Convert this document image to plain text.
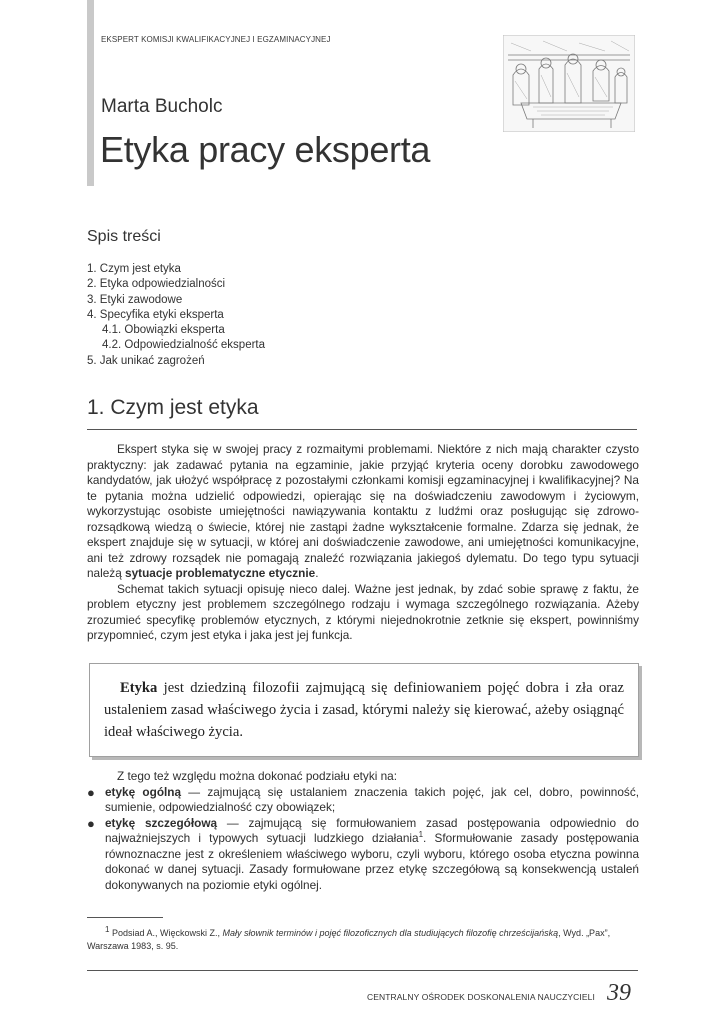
EKSPERT KOMISJI KWALIFIKACYJNEJ I EGZAMINACYJNEJ
Marta Bucholc
Etyka pracy eksperta
Spis treści
1. Czym jest etyka
2. Etyka odpowiedzialności
3. Etyki zawodowe
4. Specyfika etyki eksperta
4.1. Obowiązki eksperta
4.2. Odpowiedzialność eksperta
5. Jak unikać zagrożeń
1. Czym jest etyka

Ekspert styka się w swojej pracy z rozmaitymi problemami. Niektóre z nich mają charakter czysto praktyczny: jak zadawać pytania na egzaminie, jakie przyjąć kryteria oceny dorobku zawodowego kandydatów, jak ułożyć współpracę z pozostałymi członkami komisji egzaminacyjnej i kwalifikacyjnej? Na te pytania można udzielić odpowiedzi, opierając się na doświadczeniu zawodowym i życiowym, wykorzystując osobiste umiejętności nawiązywania kontaktu z ludźmi oraz posługując się zdrowo-rozsądkową wiedzą o świecie, której nie zastąpi żadne wykształcenie formalne. Zdarza się jednak, że ekspert znajduje się w sytuacji, w której ani doświadczenie zawodowe, ani umiejętności komunikacyjne, ani też zdrowy rozsądek nie pomagają znaleźć rozwiązania jakiegoś dylematu. Do tego typu sytuacji należą sytuacje problematyczne etycznie.

Schemat takich sytuacji opisuję nieco dalej. Ważne jest jednak, by zdać sobie sprawę z faktu, że problem etyczny jest problemem szczególnego rodzaju i wymaga szczególnego rozwiązania. Ażeby zrozumieć specyfikę problemów etycznych, z którymi niejednokrotnie zetknie się ekspert, powinniśmy przypomnieć, czym jest etyka i jaka jest jej funkcja.

Etyka jest dziedziną filozofii zajmującą się definiowaniem pojęć dobra i zła oraz ustaleniem zasad właściwego życia i zasad, którymi należy się kierować, ażeby osiągnąć ideał właściwego życia.

Z tego też względu można dokonać podziału etyki na:

● etykę ogólną — zajmującą się ustalaniem znaczenia takich pojęć, jak cel, dobro, powinność, sumienie, odpowiedzialność czy obowiązek;
● etykę szczegółową — zajmującą się formułowaniem zasad postępowania odpowiednio do najważniejszych i typowych sytuacji ludzkiego działania$^1$. Sformułowanie zasady postępowania równoznaczne jest z określeniem właściwego wyboru, czyli wyboru, którego osoba etyczna powinna dokonać w danej sytuacji. Zasady formułowane przez etykę szczegółową są konsekwencją ustaleń dokonywanych na poziomie etyki ogólnej.
$^1$ Podsiad A., Więckowski Z., Mały słownik terminów i pojęć filozoficznych dla studiujących filozofię chrześcijańską, Wyd. „Pax”, Warszawa 1983, s. 95.
CENTRALNY OŚRODEK DOSKONALENIA NAUCZYCIELI 39
